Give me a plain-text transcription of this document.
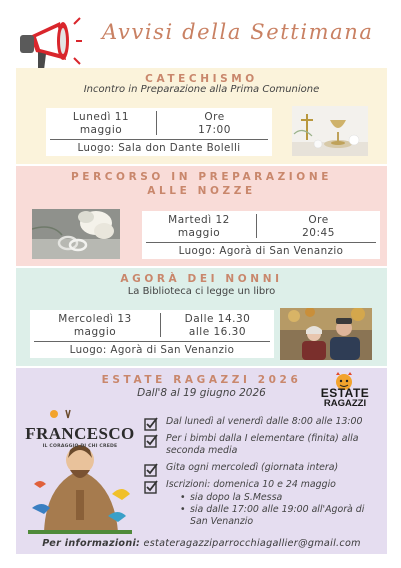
Avvisi della Settimana
CATECHISMO
Incontro in Preparazione alla Prima Comunione
Lunedì 11
maggio
Ore
17:00
Luogo: Sala don Dante Bolelli
PERCORSO IN PREPARAZIONE
ALLE NOZZE
Martedì 12
maggio
Ore
20:45
Luogo: Agorà di San Venanzio
AGORÀ DEI NONNI
La Biblioteca ci legge un libro
Mercoledì 13
maggio
Dalle 14.30
alle 16.30
Luogo: Agorà di San Venanzio
ESTATE RAGAZZI 2026
Dall'8 al 19 giugno 2026	ESTATE
RAGAZZI
FRANCESCO
IL CORAGGIO DI CHI CREDE
Dal lunedì al venerdì dalle 8:00 alle 13:00
Per i bimbi dalla I elementare (finita) alla seconda media
Gita ogni mercoledì (giornata intera)
Iscrizioni: domenica 10 e 24 maggio
• sia dopo la S.Messa
• sia dalle 17:00 alle 19:00 all'Agorà di San Venanzio
Per informazioni: estateragazziparrocchiagallier@gmail.com
